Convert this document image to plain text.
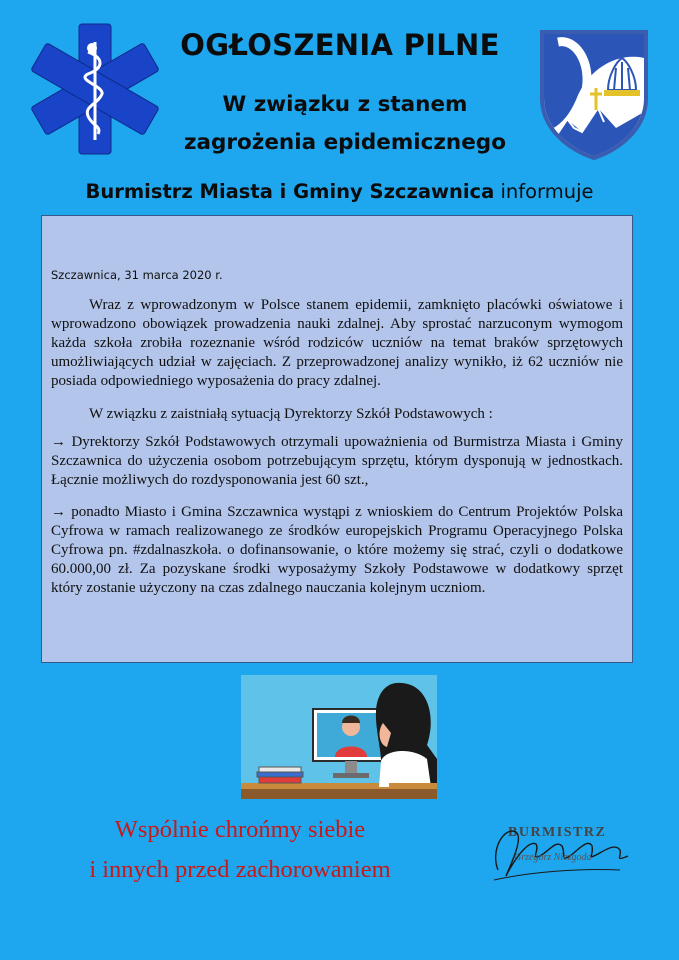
OGŁOSZENIA PILNE
W związku z stanem
zagrożenia epidemicznego
Burmistrz Miasta i Gminy Szczawnica informuje
Szczawnica, 31 marca 2020 r.

Wraz z wprowadzonym w Polsce stanem epidemii, zamknięto placówki oświatowe i wprowadzono obowiązek prowadzenia nauki zdalnej. Aby sprostać narzuconym wymogom każda szkoła zrobiła rozeznanie wśród rodziców uczniów na temat braków sprzętowych umożliwiających udział w zajęciach. Z przeprowadzonej analizy wynikło, iż 62 uczniów nie posiada odpowiedniego wyposażenia do pracy zdalnej.

W związku z zaistniałą sytuacją Dyrektorzy Szkół Podstawowych :

→ Dyrektorzy Szkół Podstawowych otrzymali upoważnienia od Burmistrza Miasta i Gminy Szczawnica do użyczenia osobom potrzebującym sprzętu, którym dysponują w jednostkach. Łącznie możliwych do rozdysponowania jest 60 szt.,

→ ponadto Miasto i Gmina Szczawnica wystąpi z wnioskiem do Centrum Projektów Polska Cyfrowa w ramach realizowanego ze środków europejskich Programu Operacyjnego Polska Cyfrowa pn. #zdalnaszkoła. o dofinansowanie, o które możemy się strać, czyli o dodatkowe 60.000,00 zł. Za pozyskane środki wyposażymy Szkoły Podstawowe w dodatkowy sprzęt który zostanie użyczony na czas zdalnego nauczania kolejnym uczniom.

Wspólnie chrońmy siebie
i innych przed zachorowaniem
BURMISTRZ
Grzegorz Niezgoda
